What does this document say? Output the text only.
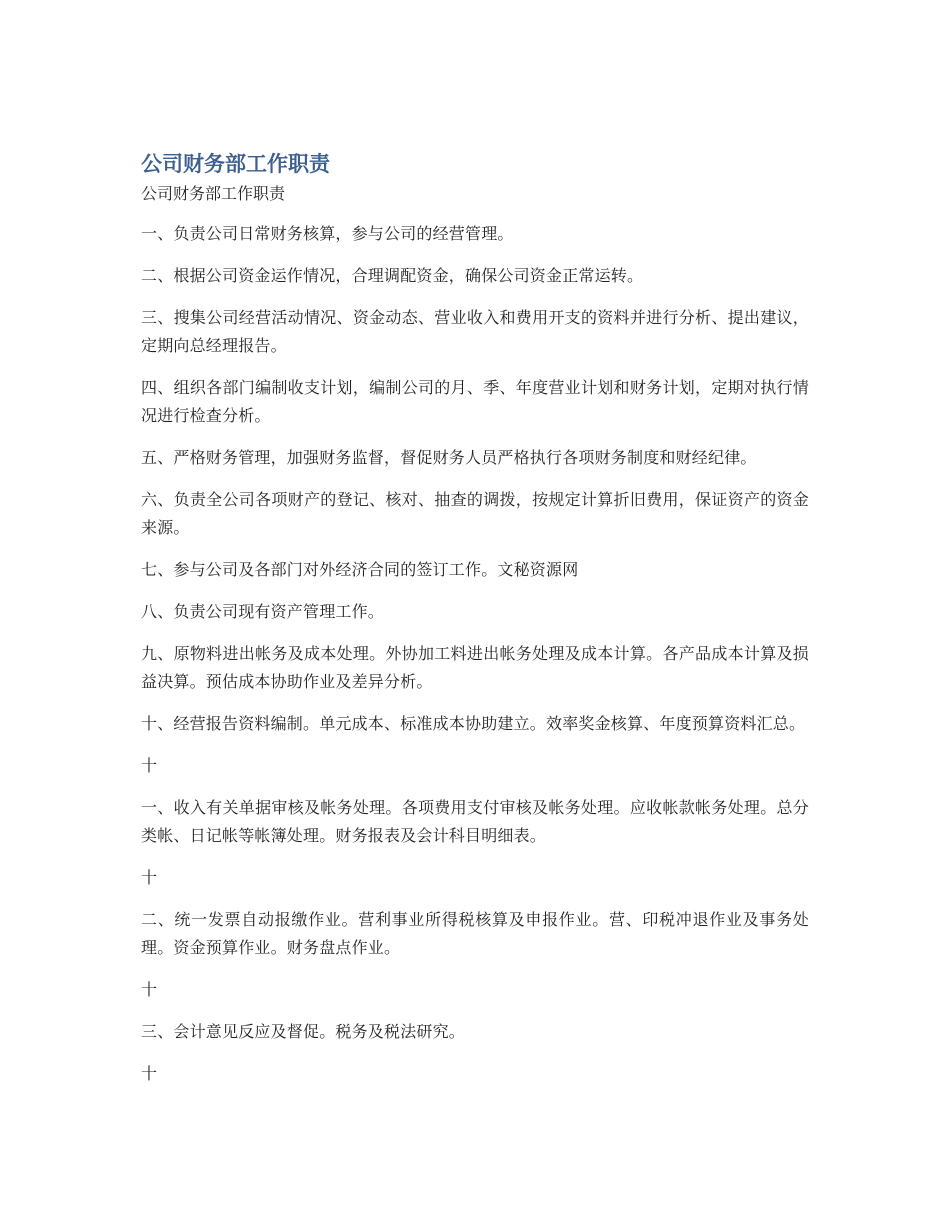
公司财务部工作职责

公司财务部工作职责

一、负责公司日常财务核算，参与公司的经营管理。

二、根据公司资金运作情况，合理调配资金，确保公司资金正常运转。

三、搜集公司经营活动情况、资金动态、营业收入和费用开支的资料并进行分析、提出建议，定期向总经理报告。

四、组织各部门编制收支计划，编制公司的月、季、年度营业计划和财务计划，定期对执行情况进行检查分析。

五、严格财务管理，加强财务监督，督促财务人员严格执行各项财务制度和财经纪律。

六、负责全公司各项财产的登记、核对、抽查的调拨，按规定计算折旧费用，保证资产的资金来源。

七、参与公司及各部门对外经济合同的签订工作。文秘资源网

八、负责公司现有资产管理工作。

九、原物料进出帐务及成本处理。外协加工料进出帐务处理及成本计算。各产品成本计算及损益决算。预估成本协助作业及差异分析。

十、经营报告资料编制。单元成本、标准成本协助建立。效率奖金核算、年度预算资料汇总。

十

一、收入有关单据审核及帐务处理。各项费用支付审核及帐务处理。应收帐款帐务处理。总分类帐、日记帐等帐簿处理。财务报表及会计科目明细表。

十

二、统一发票自动报缴作业。营利事业所得税核算及申报作业。营、印税冲退作业及事务处理。资金预算作业。财务盘点作业。

十

三、会计意见反应及督促。税务及税法研究。

十
